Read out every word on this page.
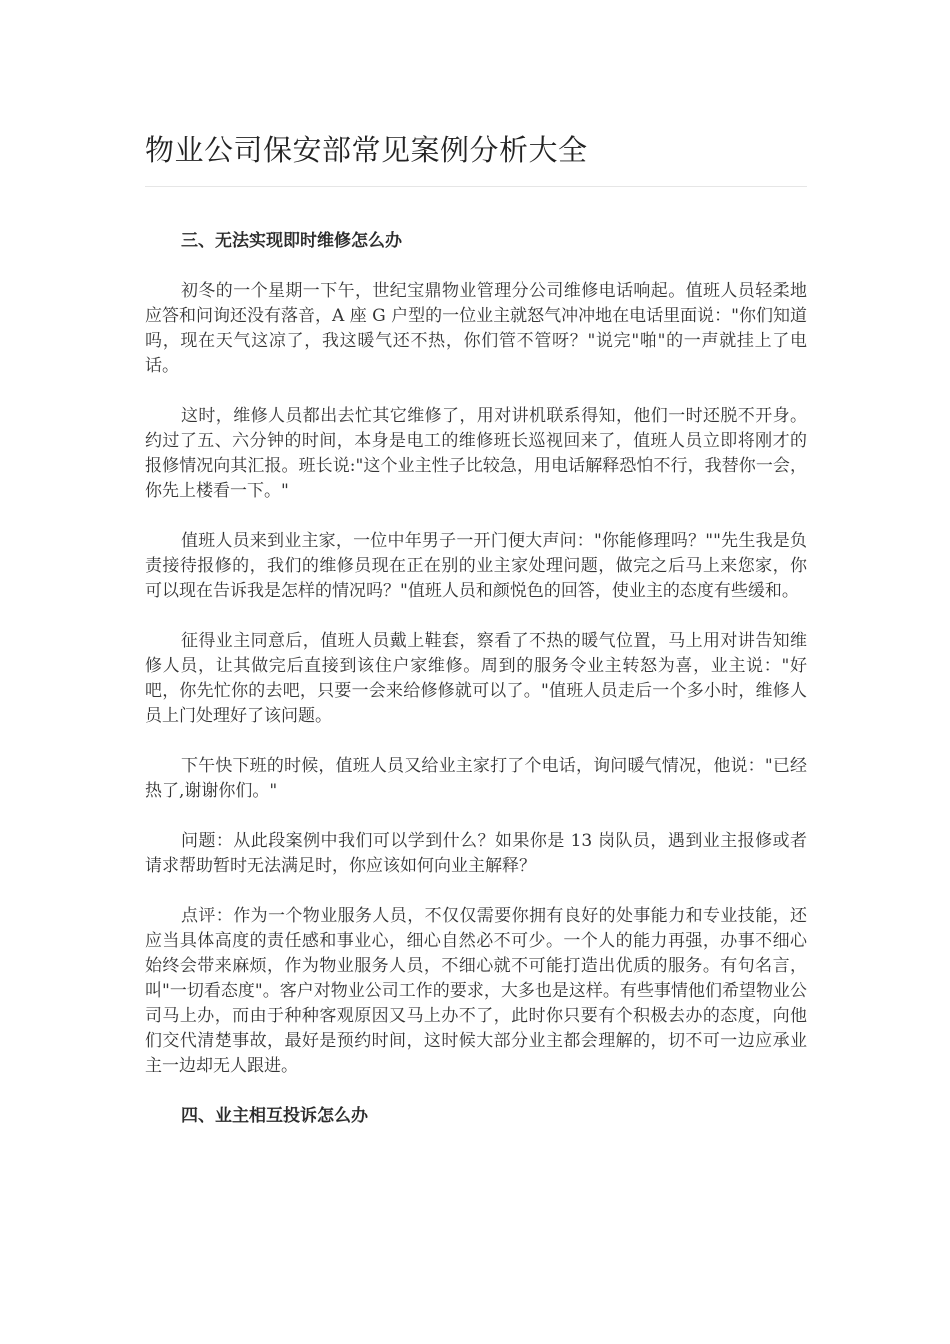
物业公司保安部常见案例分析大全
三、无法实现即时维修怎么办

初冬的一个星期一下午，世纪宝鼎物业管理分公司维修电话响起。值班人员轻柔地应答和问询还没有落音，A 座 G 户型的一位业主就怒气冲冲地在电话里面说："你们知道吗，现在天气这凉了，我这暖气还不热，你们管不管呀？"说完"啪"的一声就挂上了电话。

这时，维修人员都出去忙其它维修了，用对讲机联系得知，他们一时还脱不开身。约过了五、六分钟的时间，本身是电工的维修班长巡视回来了，值班人员立即将刚才的报修情况向其汇报。班长说:"这个业主性子比较急，用电话解释恐怕不行，我替你一会，你先上楼看一下。"

值班人员来到业主家，一位中年男子一开门便大声问："你能修理吗？""先生我是负责接待报修的，我们的维修员现在正在别的业主家处理问题，做完之后马上来您家，你可以现在告诉我是怎样的情况吗？"值班人员和颜悦色的回答，使业主的态度有些缓和。

征得业主同意后，值班人员戴上鞋套，察看了不热的暖气位置，马上用对讲告知维修人员，让其做完后直接到该住户家维修。周到的服务令业主转怒为喜，业主说："好吧，你先忙你的去吧，只要一会来给修修就可以了。"值班人员走后一个多小时，维修人员上门处理好了该问题。

下午快下班的时候，值班人员又给业主家打了个电话，询问暖气情况，他说："已经热了,谢谢你们。"

问题：从此段案例中我们可以学到什么？如果你是 13 岗队员，遇到业主报修或者请求帮助暂时无法满足时，你应该如何向业主解释？

点评：作为一个物业服务人员，不仅仅需要你拥有良好的处事能力和专业技能，还应当具体高度的责任感和事业心，细心自然必不可少。一个人的能力再强，办事不细心始终会带来麻烦，作为物业服务人员，不细心就不可能打造出优质的服务。有句名言，叫"一切看态度"。客户对物业公司工作的要求，大多也是这样。有些事情他们希望物业公司马上办，而由于种种客观原因又马上办不了，此时你只要有个积极去办的态度，向他们交代清楚事故，最好是预约时间，这时候大部分业主都会理解的，切不可一边应承业主一边却无人跟进。

四、业主相互投诉怎么办
